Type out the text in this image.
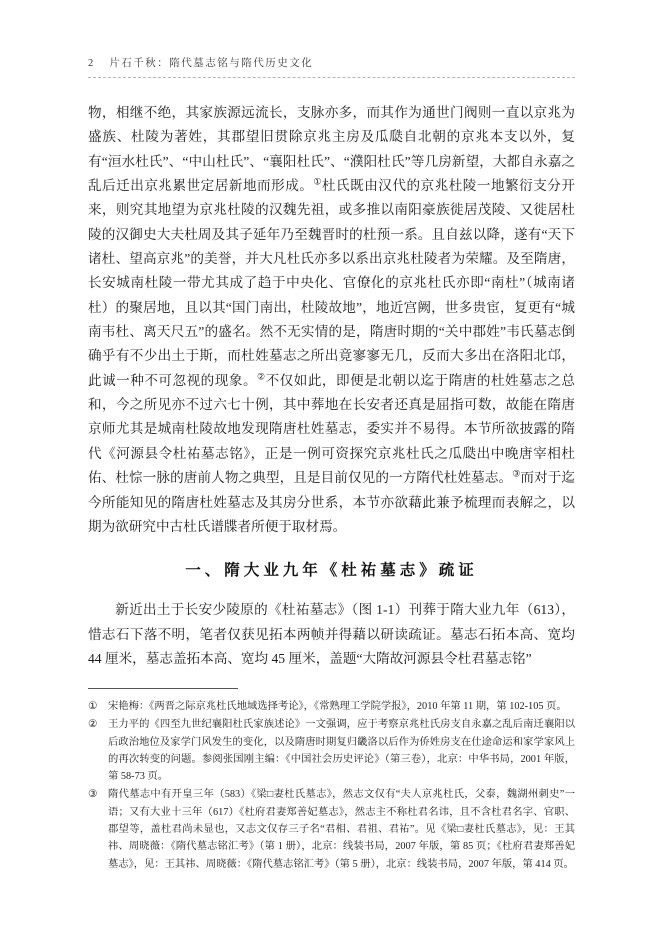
2 片石千秋：隋代墓志铭与隋代历史文化

物，相继不绝，其家族源远流长，支脉亦多，而其作为通世门阀则一直以京兆为盛族、杜陵为著姓，其郡望旧贯除京兆主房及瓜瓞自北朝的京兆本支以外，复有“洹水杜氏”、“中山杜氏”、“襄阳杜氏”、“濮阳杜氏”等几房新望，大都自永嘉之乱后迁出京兆累世定居新地而形成。①杜氏既由汉代的京兆杜陵一地繁衍支分开来，则究其地望为京兆杜陵的汉魏先祖，或多推以南阳豪族徙居茂陵、又徙居杜陵的汉御史大夫杜周及其子延年乃至魏晋时的杜预一系。且自兹以降，遂有“天下诸杜、望高京兆”的美誉，并大凡杜氏亦多以系出京兆杜陵者为荣耀。及至隋唐，长安城南杜陵一带尤其成了趋于中央化、官僚化的京兆杜氏亦即“南杜”（城南诸杜）的聚居地，且以其“国门南出，杜陵故地”，地近宫阙，世多贵宦，复更有“城南韦杜、离天尺五”的盛名。然不无实情的是，隋唐时期的“关中郡姓”韦氏墓志倒确乎有不少出土于斯，而杜姓墓志之所出竟寥寥无几，反而大多出在洛阳北邙，此诚一种不可忽视的现象。②不仅如此，即便是北朝以迄于隋唐的杜姓墓志之总和，今之所见亦不过六七十例，其中葬地在长安者还真是屈指可数，故能在隋唐京师尤其是城南杜陵故地发现隋唐杜姓墓志，委实并不易得。本节所欲披露的隋代《河源县令杜祐墓志铭》，正是一例可资探究京兆杜氏之瓜瓞出中晚唐宰相杜佑、杜悰一脉的唐前人物之典型，且是目前仅见的一方隋代杜姓墓志。③而对于迄今所能知见的隋唐杜姓墓志及其房分世系，本节亦欲藉此兼予梳理而表解之，以期为欲研究中古杜氏谱牒者所便于取材焉。

一、隋大业九年《杜祐墓志》疏证

新近出土于长安少陵原的《杜祐墓志》（图 1-1）刊葬于隋大业九年（613），惜志石下落不明，笔者仅获见拓本两帧并得藉以研读疏证。墓志石拓本高、宽均 44 厘米，墓志盖拓本高、宽均 45 厘米，盖题“大隋故河源县令杜君墓志铭”

①	宋艳梅：《两晋之际京兆杜氏地域选择考论》，《常熟理工学院学报》，2010 年第 11 期，第 102-105 页。
②	王力平的《四至九世纪襄阳杜氏家族述论》一文强调，应于考察京兆杜氏房支自永嘉之乱后南迁襄阳以后政治地位及家学门风发生的变化，以及隋唐时期复归畿洛以后作为侨姓房支在仕途命运和家学家风上的再次转变的问题。参阅张国刚主编：《中国社会历史评论》（第三卷），北京：中华书局，2001 年版，第 58-73 页。
③	隋代墓志中有开皇三年（583）《梁□妻杜氏墓志》，然志文仅有“夫人京兆杜氏，父泰，魏湖州刺史”一语；又有大业十三年（617）《杜府君妻郑善妃墓志》，然志主不称杜君名讳，且不含杜君名字、官职、郡望等，盖杜君尚未显也，又志文仅存三子名“君相、君祖、君祐”。见《梁□妻杜氏墓志》，见：王其祎、周晓薇：《隋代墓志铭汇考》（第 1 册），北京：线装书局，2007 年版，第 85 页；《杜府君妻郑善妃墓志》，见：王其祎、周晓薇：《隋代墓志铭汇考》（第 5 册），北京：线装书局，2007 年版，第 414 页。
